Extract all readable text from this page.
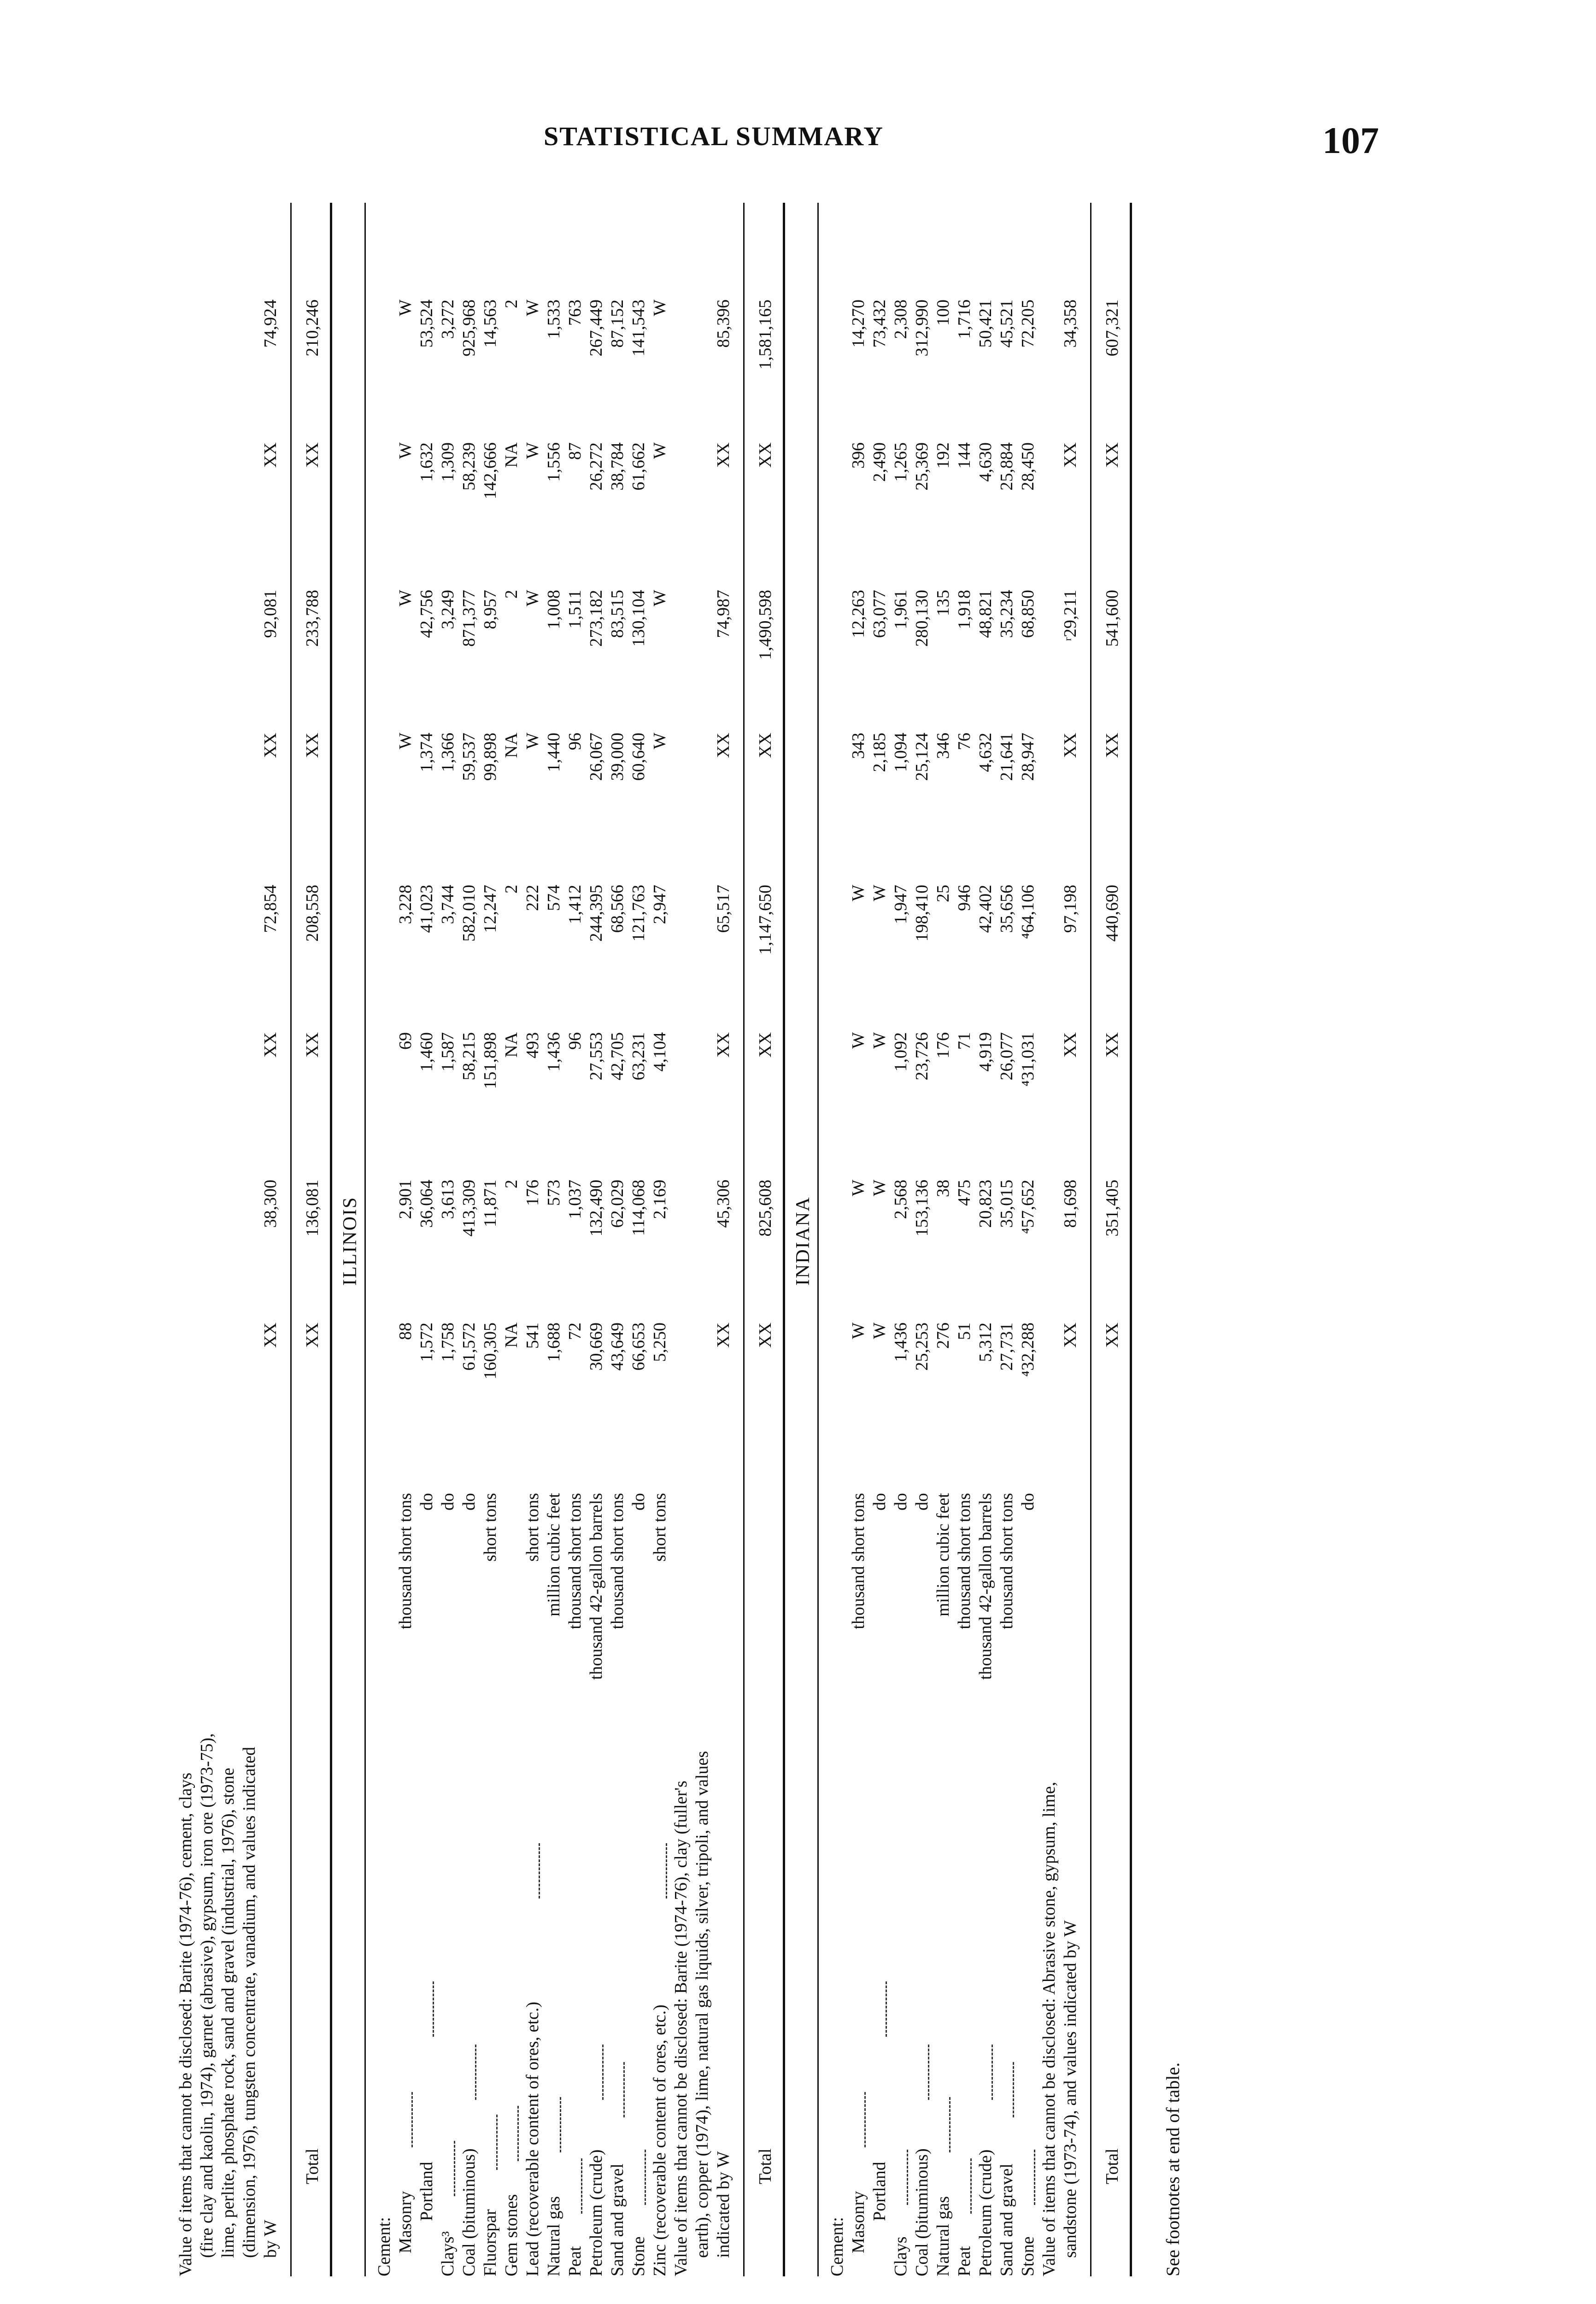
STATISTICAL SUMMARY	107
Value of items that cannot be disclosed: Barite (1974-76), cement, clays (fire clay and kaolin, 1974), garnet (abrasive), gypsum, iron ore (1973-75), lime, perlite, phosphate rock, sand and gravel (industrial, 1976), stone (dimension, 1976), tungsten concentrate, vanadium, and values indicated by W
XX
38,300
XX
72,854
XX
92,081
XX
74,924
Total
XX
136,081
XX
208,558
XX
233,788
XX
210,246
ILLINOIS
Cement: Masonry
thousand short tons
88
2,901
69
3,228
W
W
W
W
Portland
do
1,572
36,064
1,460
41,023
1,374
42,756
1,632
53,524
Clays³
do
1,758
3,613
1,587
3,744
1,366
3,249
1,309
3,272
Coal (bituminous)
do
61,572
413,309
58,215
582,010
59,537
871,377
58,239
925,968
Fluorspar
short tons
160,305
11,871
151,898
12,247
99,898
8,957
142,666
14,563
Gem stones
NA
2
NA
2
NA
2
NA
2
Lead (recoverable content of ores, etc.)
short tons
541
176
493
222
W
W
W
W
Natural gas
million cubic feet
1,688
573
1,436
574
1,440
1,008
1,556
1,533
Peat
thousand short tons
72
1,037
96
1,412
96
1,511
87
763
Petroleum (crude)
thousand 42-gallon barrels
30,669
132,490
27,553
244,395
26,067
273,182
26,272
267,449
Sand and gravel
thousand short tons
43,649
62,029
42,705
68,566
39,000
83,515
38,784
87,152
Stone
do
66,653
114,068
63,231
121,763
60,640
130,104
61,662
141,543
Zinc (recoverable content of ores, etc.)
short tons
5,250
2,169
4,104
2,947
W
W
W
W
Value of items that cannot be disclosed: Barite (1974-76), clay (fuller's earth), copper (1974), lime, natural gas liquids, silver, tripoli, and values indicated by W
XX
45,306
XX
65,517
XX
74,987
XX
85,396
Total
XX
825,608
XX
1,147,650
XX
1,490,598
XX
1,581,165
INDIANA
Cement: Masonry
thousand short tons
W
W
W
W
343
12,263
396
14,270
Portland
do
W
W
W
W
2,185
63,077
2,490
73,432
Clays
do
1,436
2,568
1,092
1,947
1,094
1,961
1,265
2,308
Coal (bituminous)
do
25,253
153,136
23,726
198,410
25,124
280,130
25,369
312,990
Natural gas
million cubic feet
276
38
176
25
346
135
192
100
Peat
thousand short tons
51
475
71
946
76
1,918
144
1,716
Petroleum (crude)
thousand 42-gallon barrels
5,312
20,823
4,919
42,402
4,632
48,821
4,630
50,421
Sand and gravel
thousand short tons
27,731
35,015
26,077
35,656
21,641
35,234
25,884
45,521
Stone
do
⁴32,288
⁴57,652
⁴31,031
⁴64,106
28,947
68,850
28,450
72,205
Value of items that cannot be disclosed: Abrasive stone, gypsum, lime, sandstone (1973-74), and values indicated by W
XX
81,698
XX
97,198
XX
ʳ29,211
XX
34,358
Total
XX
351,405
XX
440,690
XX
541,600
XX
607,321
See footnotes at end of table.
